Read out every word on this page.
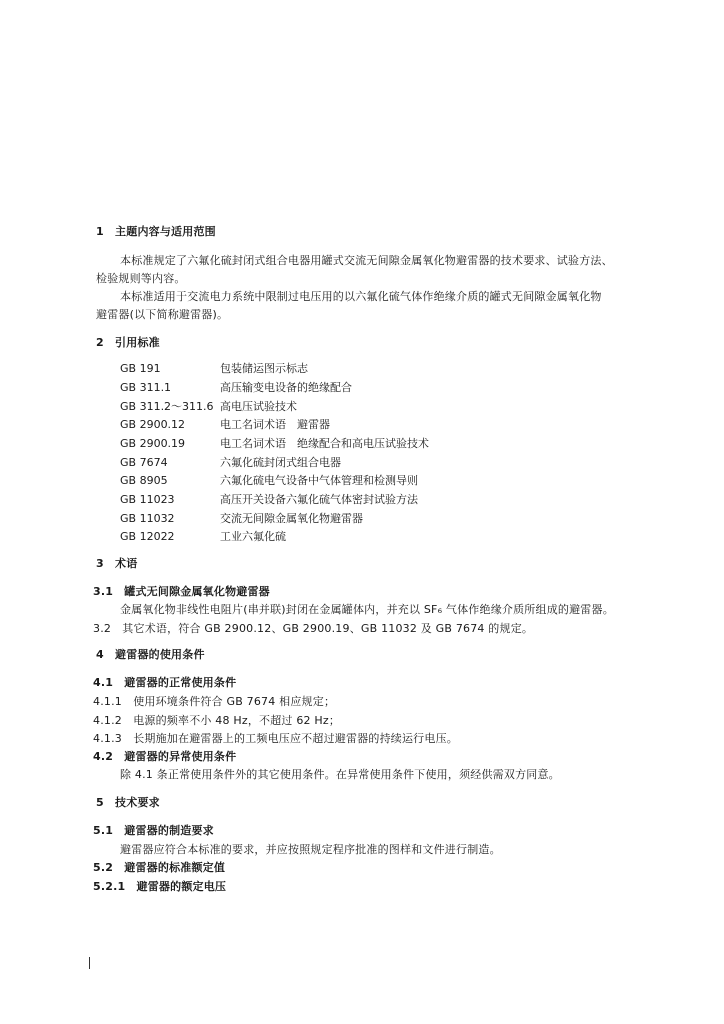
1　主题内容与适用范围
本标准规定了六氟化硫封闭式组合电器用罐式交流无间隙金属氧化物避雷器的技术要求、试验方法、
检验规则等内容。
本标准适用于交流电力系统中限制过电压用的以六氟化硫气体作绝缘介质的罐式无间隙金属氧化物
避雷器(以下简称避雷器)。
2　引用标准
GB 191	包装储运图示标志
GB 311.1	高压输变电设备的绝缘配合
GB 311.2～311.6 高电压试验技术
GB 2900.12	电工名词术语　避雷器
GB 2900.19	电工名词术语　绝缘配合和高电压试验技术
GB 7674	六氟化硫封闭式组合电器
GB 8905	六氟化硫电气设备中气体管理和检测导则
GB 11023	高压开关设备六氟化硫气体密封试验方法
GB 11032	交流无间隙金属氧化物避雷器
GB 12022	工业六氟化硫
3　术语
3.1　罐式无间隙金属氧化物避雷器
金属氧化物非线性电阻片(串并联)封闭在金属罐体内，并充以 SF₆ 气体作绝缘介质所组成的避雷器。
3.2　其它术语，符合 GB 2900.12、GB 2900.19、GB 11032 及 GB 7674 的规定。
4　避雷器的使用条件
4.1　避雷器的正常使用条件
4.1.1　使用环境条件符合 GB 7674 相应规定；
4.1.2　电源的频率不小 48 Hz，不超过 62 Hz；
4.1.3　长期施加在避雷器上的工频电压应不超过避雷器的持续运行电压。
4.2　避雷器的异常使用条件
除 4.1 条正常使用条件外的其它使用条件。在异常使用条件下使用，须经供需双方同意。
5　技术要求
5.1　避雷器的制造要求
避雷器应符合本标准的要求，并应按照规定程序批准的图样和文件进行制造。
5.2　避雷器的标准额定值
5.2.1　避雷器的额定电压
